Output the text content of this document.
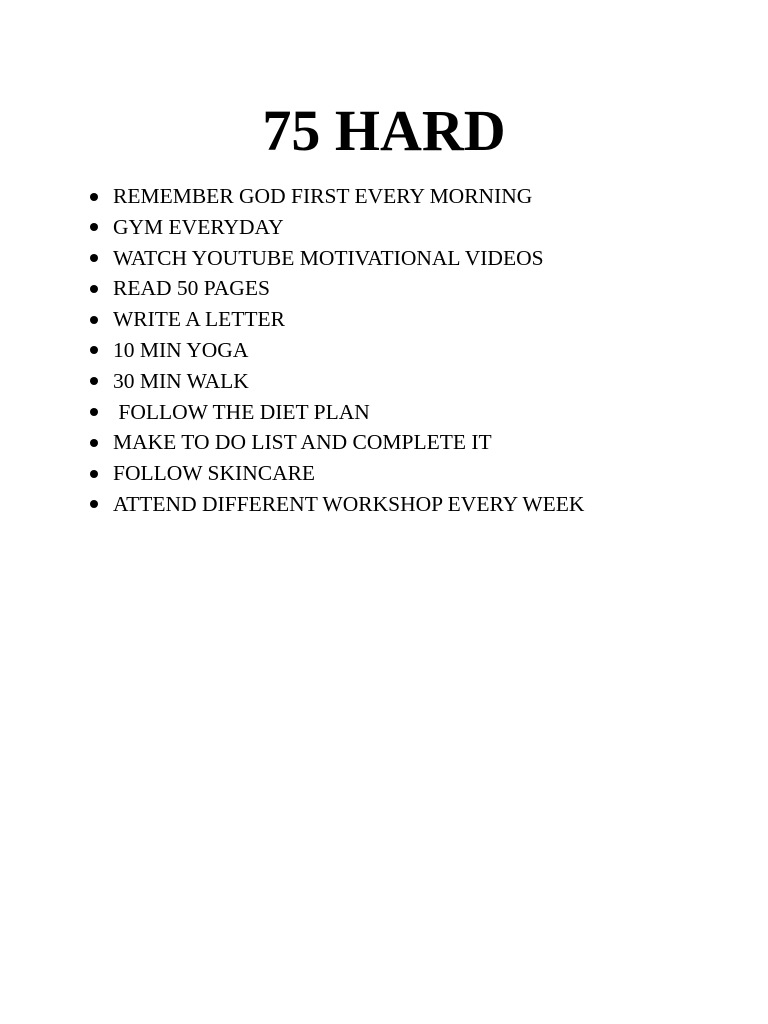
75 HARD

REMEMBER GOD FIRST EVERY MORNING

GYM EVERYDAY

WATCH YOUTUBE MOTIVATIONAL VIDEOS

READ 50 PAGES

WRITE A LETTER

10 MIN YOGA

30 MIN WALK

FOLLOW THE DIET PLAN

MAKE TO DO LIST AND COMPLETE IT

FOLLOW SKINCARE

ATTEND DIFFERENT WORKSHOP EVERY WEEK
